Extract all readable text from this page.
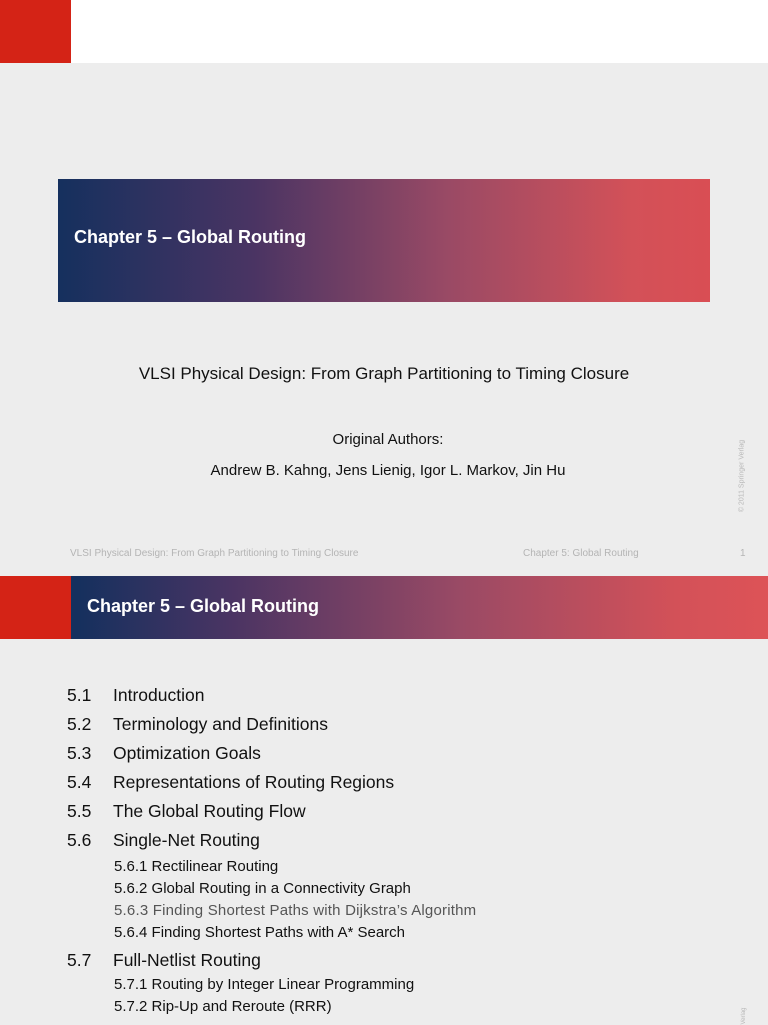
Chapter 5 – Global Routing
VLSI Physical Design: From Graph Partitioning to Timing Closure
Original Authors:
Andrew B. Kahng, Jens Lienig, Igor L. Markov, Jin Hu
VLSI Physical Design: From Graph Partitioning to Timing Closure	Chapter 5: Global Routing	1
© 2011 Springer Verlag
Chapter 5 – Global Routing
5.1 Introduction
5.2 Terminology and Definitions
5.3 Optimization Goals
5.4 Representations of Routing Regions
5.5 The Global Routing Flow
5.6 Single-Net Routing
5.6.1 Rectilinear Routing
5.6.2 Global Routing in a Connectivity Graph
5.6.3 Finding Shortest Paths with Dijkstra’s Algorithm
5.6.4 Finding Shortest Paths with A* Search
5.7 Full-Netlist Routing
5.7.1 Routing by Integer Linear Programming
5.7.2 Rip-Up and Reroute (RRR)
Verlag
